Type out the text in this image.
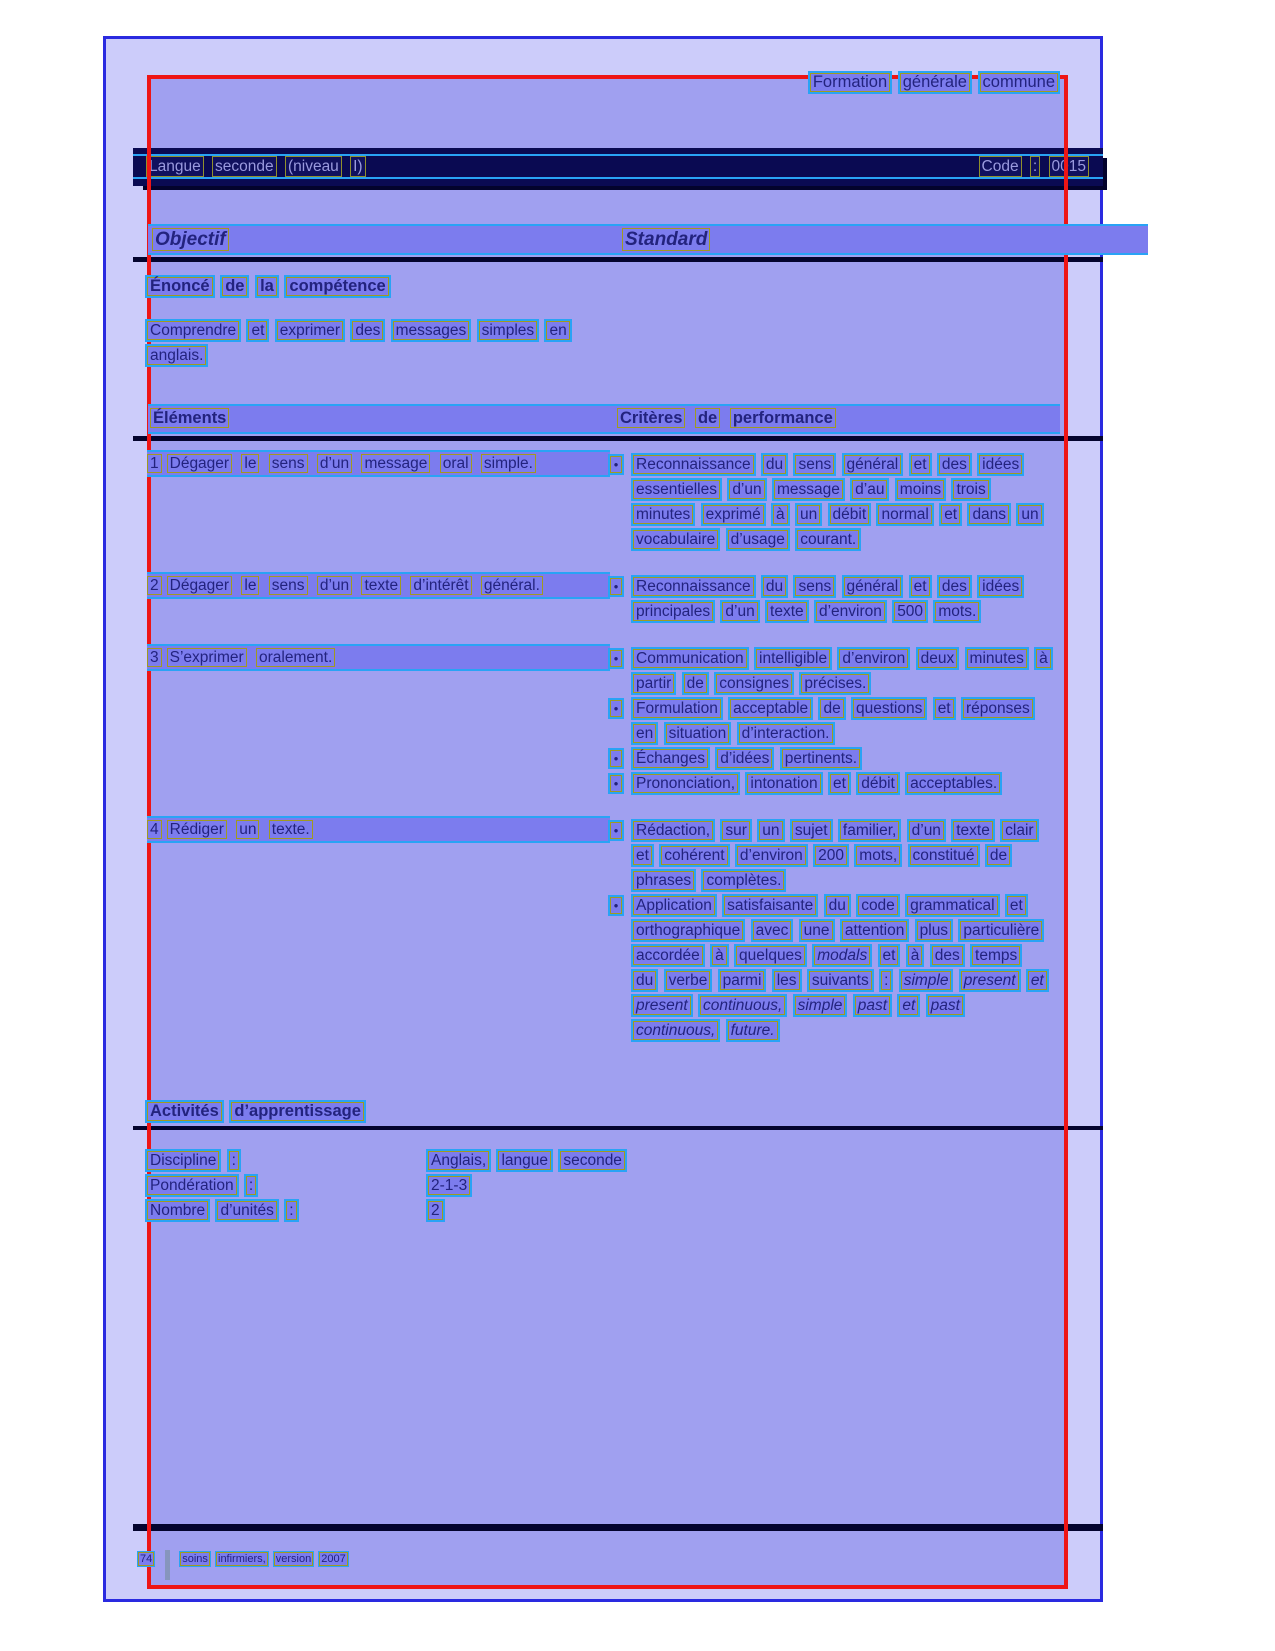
Langue seconde (niveau I)	Code : 0015
Formation générale commune
Objectif	Standard
Énoncé de la compétence
Comprendre et exprimer des messages simples en anglais.
Éléments	Critères de performance
1 Dégager le sens d’un message oral simple.	• Reconnaissance du sens général et des idées essentielles d’un message d’au moins trois minutes exprimé à un débit normal et dans un vocabulaire d’usage courant.
2 Dégager le sens d’un texte d’intérêt général.	• Reconnaissance du sens général et des idées principales d’un texte d’environ 500 mots.
3 S’exprimer oralement.	• Communication intelligible d’environ deux minutes à partir de consignes précises.
• Formulation acceptable de questions et réponses en situation d’interaction.
• Échanges d’idées pertinents.
• Prononciation, intonation et débit acceptables.
4 Rédiger un texte.	• Rédaction, sur un sujet familier, d’un texte clair et cohérent d’environ 200 mots, constitué de phrases complètes.
• Application satisfaisante du code grammatical et orthographique avec une attention plus particulière accordée à quelques modals et à des temps du verbe parmi les suivants : simple present et present continuous, simple past et past continuous, future.
Activités d’apprentissage
Discipline :	Anglais, langue seconde
Pondération :	2-1-3
Nombre d’unités :	2
74	soins infirmiers, version 2007
